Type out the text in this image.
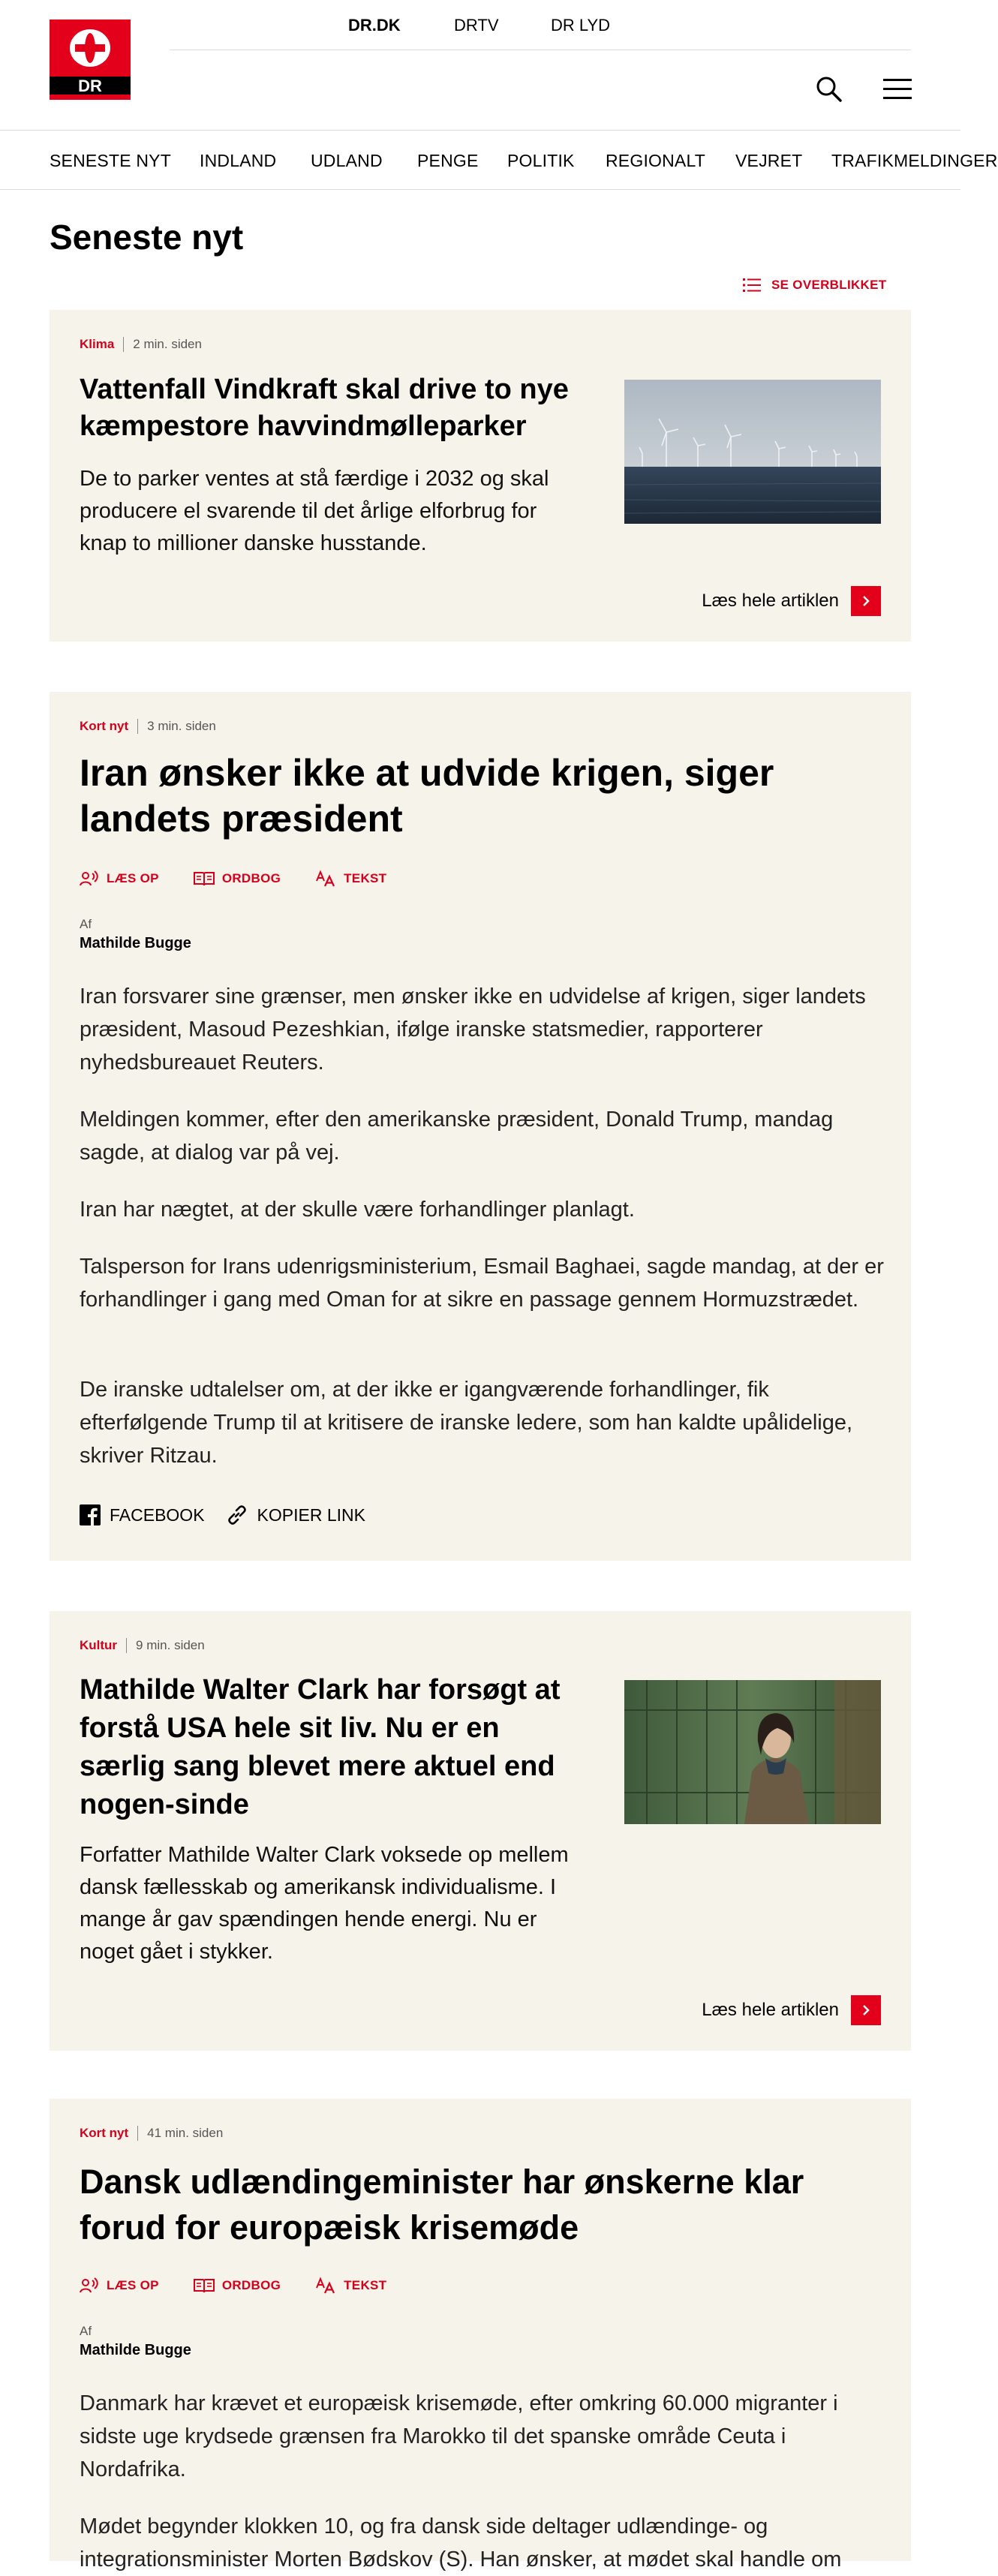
DR
DR.DK	DRTV	DR LYD
SENESTE NYT INDLAND UDLAND PENGE POLITIK REGIONALT VEJRET TRAFIKMELDINGER
Seneste nyt
SE OVERBLIKKET
Klima 2 min. siden
Vattenfall Vindkraft skal drive to nye kæmpestore havvindmølleparker

De to parker ventes at stå færdige i 2032 og skal producere el svarende til det årlige elforbrug for knap to millioner danske husstande.

Læs hele artiklen
Kort nyt 3 min. siden
Iran ønsker ikke at udvide krigen, siger landets præsident
LÆS OP	ORDBOG	TEKST
Af
Mathilde Bugge

Iran forsvarer sine grænser, men ønsker ikke en udvidelse af krigen, siger landets præsident, Masoud Pezeshkian, ifølge iranske statsmedier, rapporterer nyhedsbureauet Reuters.

Meldingen kommer, efter den amerikanske præsident, Donald Trump, mandag sagde, at dialog var på vej.

Iran har nægtet, at der skulle være forhandlinger planlagt.

Talsperson for Irans udenrigsministerium, Esmail Baghaei, sagde mandag, at der er forhandlinger i gang med Oman for at sikre en passage gennem Hormuzstrædet.

De iranske udtalelser om, at der ikke er igangværende forhandlinger, fik efterfølgende Trump til at kritisere de iranske ledere, som han kaldte upålidelige, skriver Ritzau.

FACEBOOK	KOPIER LINK
Kultur 9 min. siden
Mathilde Walter Clark har forsøgt at forstå USA hele sit liv. Nu er en særlig sang blevet mere aktuel end nogen-sinde

Forfatter Mathilde Walter Clark voksede op mellem dansk fællesskab og amerikansk individualisme. I mange år gav spændingen hende energi. Nu er noget gået i stykker.

Læs hele artiklen
Kort nyt 41 min. siden
Dansk udlændingeminister har ønskerne klar forud for europæisk krisemøde
LÆS OP	ORDBOG	TEKST
Af
Mathilde Bugge

Danmark har krævet et europæisk krisemøde, efter omkring 60.000 migranter i sidste uge krydsede grænsen fra Marokko til det spanske område Ceuta i Nordafrika.

Mødet begynder klokken 10, og fra dansk side deltager udlændinge- og integrationsminister Morten Bødskov (S). Han ønsker, at mødet skal handle om
